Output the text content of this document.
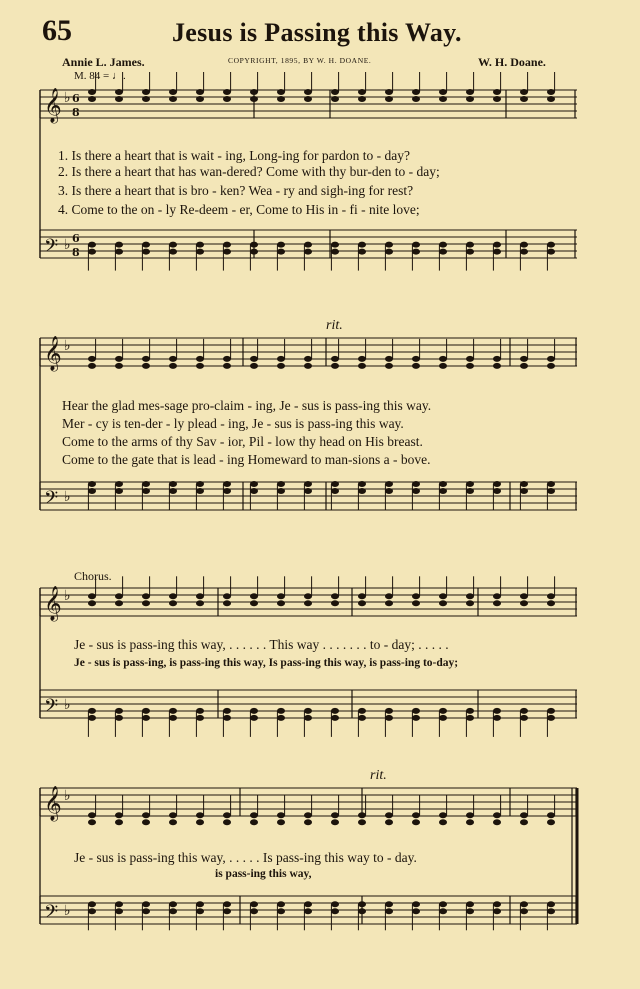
𝄞 ♭ 6
8
𝄢 ♭ 6
8
𝄞 ♭
𝄢 ♭
𝄞 ♭
𝄢 ♭
𝄞 ♭
𝄢 ♭
65	Jesus is Passing this Way.
Annie L. James.	COPYRIGHT, 1895, BY W. H. DOANE.	W. H. Doane.
M. 84 = ♩.
1. Is there a heart that is wait - ing, Long-ing for pardon to - day?
2. Is there a heart that has wan-dered? Come with thy bur-den to - day;
3. Is there a heart that is bro - ken? Wea - ry and sigh-ing for rest?
4. Come to the on - ly Re-deem - er, Come to His in - fi - nite love;
rit.
Hear the glad mes-sage pro-claim - ing, Je - sus is pass-ing this way.
Mer - cy is ten-der - ly plead - ing, Je - sus is pass-ing this way.
Come to the arms of thy Sav - ior, Pil - low thy head on His breast.
Come to the gate that is lead - ing Homeward to man-sions a - bove.
Chorus.
Je - sus is pass-ing this way, . . . . . . This way . . . . . . . to - day; . . . . .
Je - sus is pass-ing, is pass-ing this way, Is pass-ing this way, is pass-ing to-day;
rit.
Je - sus is pass-ing this way, . . . . . Is pass-ing this way to - day.
is pass-ing this way,
